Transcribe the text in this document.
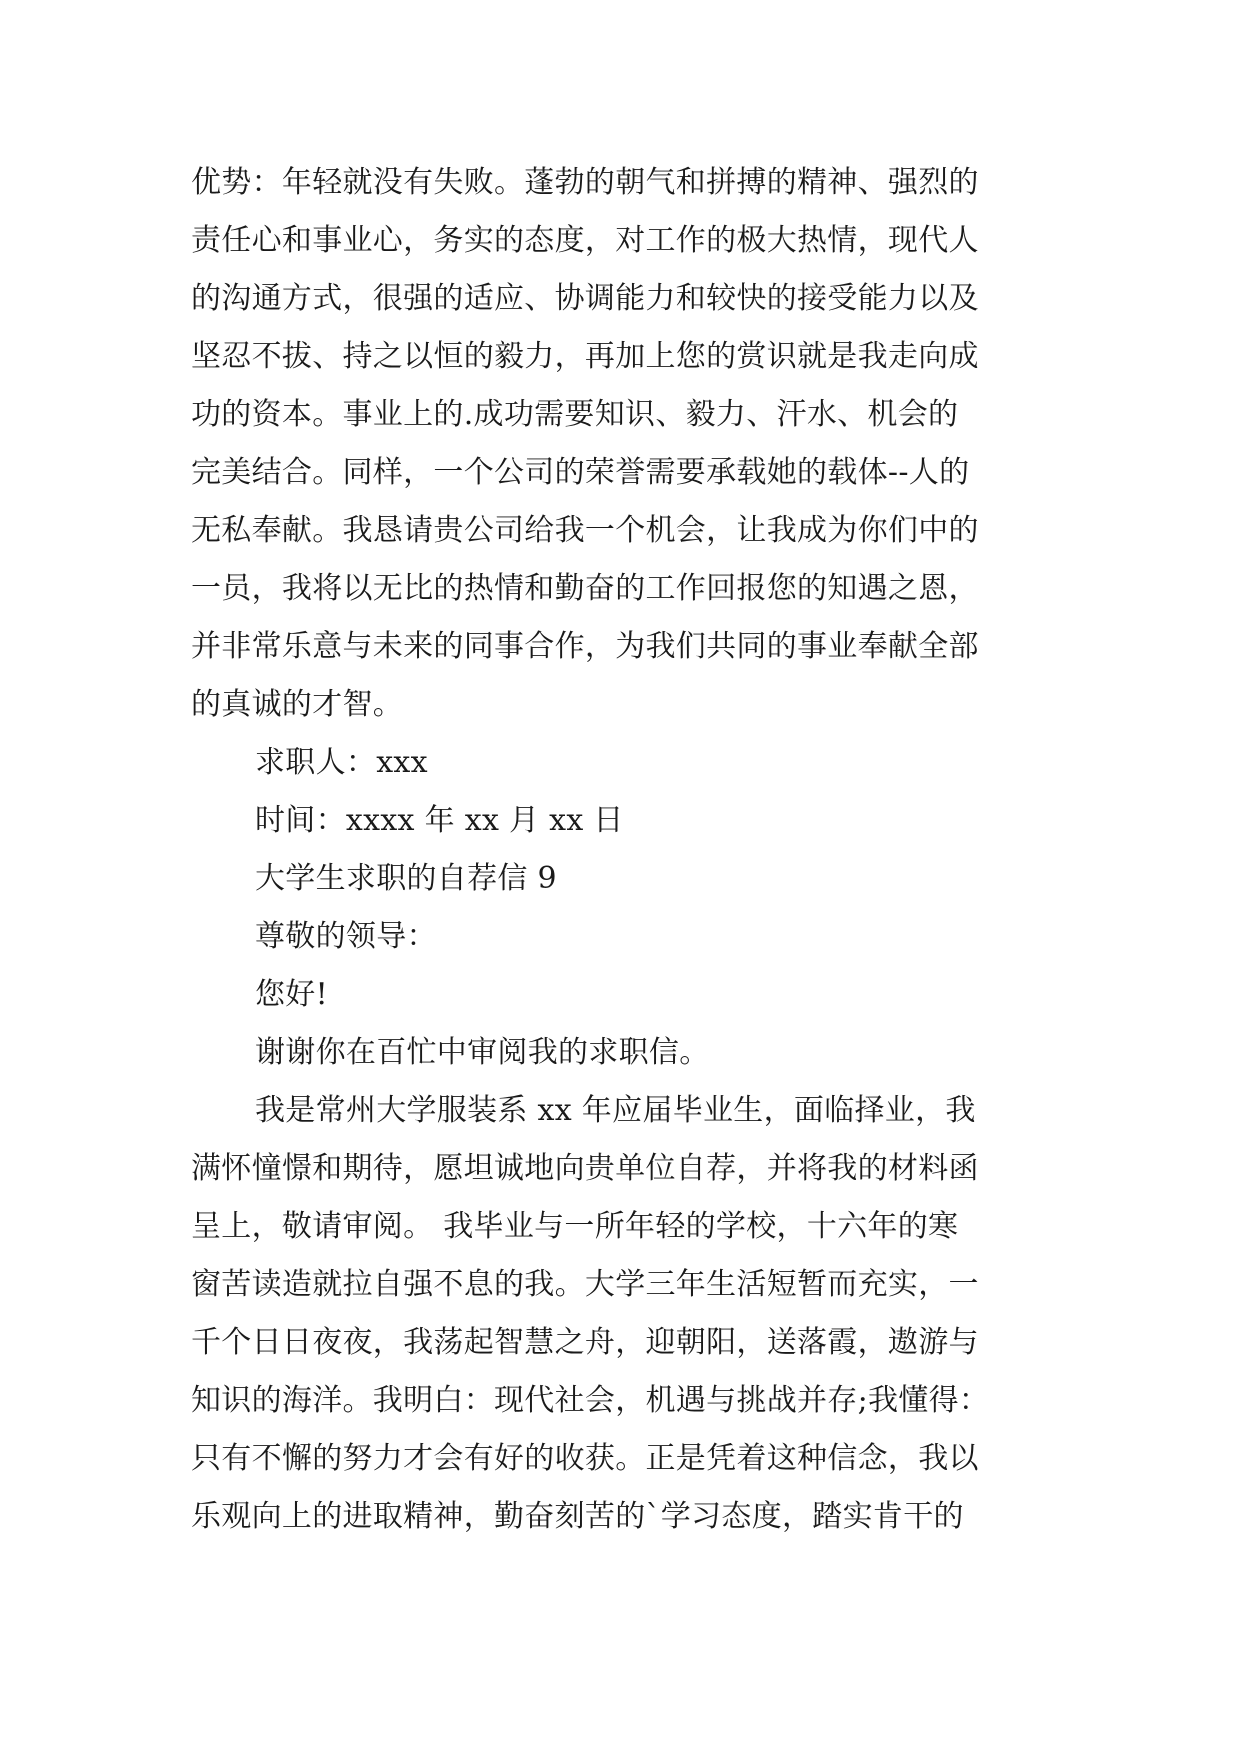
优势：年轻就没有失败。蓬勃的朝气和拼搏的精神、强烈的
责任心和事业心，务实的态度，对工作的极大热情，现代人
的沟通方式，很强的适应、协调能力和较快的接受能力以及
坚忍不拔、持之以恒的毅力，再加上您的赏识就是我走向成
功的资本。事业上的.成功需要知识、毅力、汗水、机会的
完美结合。同样，一个公司的荣誉需要承载她的载体--人的
无私奉献。我恳请贵公司给我一个机会，让我成为你们中的
一员，我将以无比的热情和勤奋的工作回报您的知遇之恩，
并非常乐意与未来的同事合作，为我们共同的事业奉献全部
的真诚的才智。
求职人：xxx
时间：xxxx 年 xx 月 xx 日
大学生求职的自荐信 9
尊敬的领导：
您好!
谢谢你在百忙中审阅我的求职信。
我是常州大学服装系 xx 年应届毕业生，面临择业，我
满怀憧憬和期待，愿坦诚地向贵单位自荐，并将我的材料函
呈上，敬请审阅。 我毕业与一所年轻的学校，十六年的寒
窗苦读造就拉自强不息的我。大学三年生活短暂而充实，一
千个日日夜夜，我荡起智慧之舟，迎朝阳，送落霞，遨游与
知识的海洋。我明白：现代社会，机遇与挑战并存;我懂得：
只有不懈的努力才会有好的收获。正是凭着这种信念，我以
乐观向上的进取精神，勤奋刻苦的`学习态度，踏实肯干的
